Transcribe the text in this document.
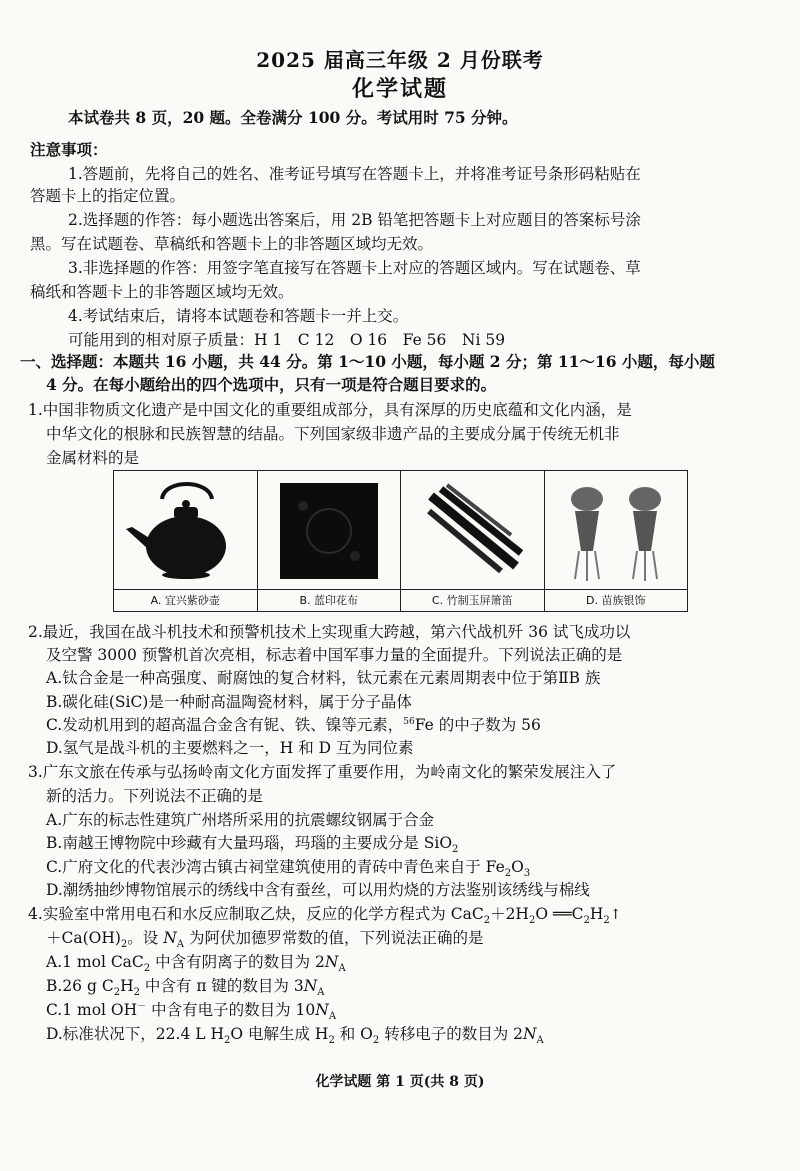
2025 届高三年级 2 月份联考
化学试题
本试卷共 8 页，20 题。全卷满分 100 分。考试用时 75 分钟。
注意事项：
1.答题前，先将自己的姓名、准考证号填写在答题卡上，并将准考证号条形码粘贴在
答题卡上的指定位置。
2.选择题的作答：每小题选出答案后，用 2B 铅笔把答题卡上对应题目的答案标号涂
黑。写在试题卷、草稿纸和答题卡上的非答题区域均无效。
3.非选择题的作答：用签字笔直接写在答题卡上对应的答题区域内。写在试题卷、草
稿纸和答题卡上的非答题区域均无效。
4.考试结束后，请将本试题卷和答题卡一并上交。
可能用到的相对原子质量：H 1　C 12　O 16　Fe 56　Ni 59
一、选择题：本题共 16 小题，共 44 分。第 1～10 小题，每小题 2 分；第 11～16 小题，每小题
4 分。在每小题给出的四个选项中，只有一项是符合题目要求的。
1.中国非物质文化遗产是中国文化的重要组成部分，具有深厚的历史底蕴和文化内涵，是
中华文化的根脉和民族智慧的结晶。下列国家级非遗产品的主要成分属于传统无机非
金属材料的是
A. 宜兴紫砂壶	B. 蓝印花布	C. 竹制玉屏箫笛	D. 苗族银饰
2.最近，我国在战斗机技术和预警机技术上实现重大跨越，第六代战机歼 36 试飞成功以
及空警 3000 预警机首次亮相，标志着中国军事力量的全面提升。下列说法正确的是
A.钛合金是一种高强度、耐腐蚀的复合材料，钛元素在元素周期表中位于第ⅡB 族
B.碳化硅(SiC)是一种耐高温陶瓷材料，属于分子晶体
C.发动机用到的超高温合金含有铌、铁、镍等元素，$^{56}$Fe 的中子数为 56
D.氢气是战斗机的主要燃料之一，H 和 D 互为同位素
3.广东文旅在传承与弘扬岭南文化方面发挥了重要作用，为岭南文化的繁荣发展注入了
新的活力。下列说法不正确的是
A.广东的标志性建筑广州塔所采用的抗震螺纹钢属于合金
B.南越王博物院中珍藏有大量玛瑙，玛瑙的主要成分是 SiO$_2$
C.广府文化的代表沙湾古镇古祠堂建筑使用的青砖中青色来自于 $Fe_2O_3$
D.潮绣抽纱博物馆展示的绣线中含有蚕丝，可以用灼烧的方法鉴别该绣线与棉线
4.实验室中常用电石和水反应制取乙炔，反应的化学方程式为 $CaC_2+2H_2O$ $══C_2H_2↑$
$+Ca(OH)_2$。设 $N_A$ 为阿伏加德罗常数的值，下列说法正确的是
A.1 mol CaC$_2$ 中含有阴离子的数目为 $2N_A$
B.26 g $C_2H_2$ 中含有 π 键的数目为 $3N_A$
C.1 mol OH－ 中含有电子的数目为 $10N_A$
D.标准状况下，22.4 L $H_2O$ 电解生成 $H_2$ 和 $O_2$ 转移电子的数目为 $2N_A$
化学试题 第 1 页(共 8 页)
